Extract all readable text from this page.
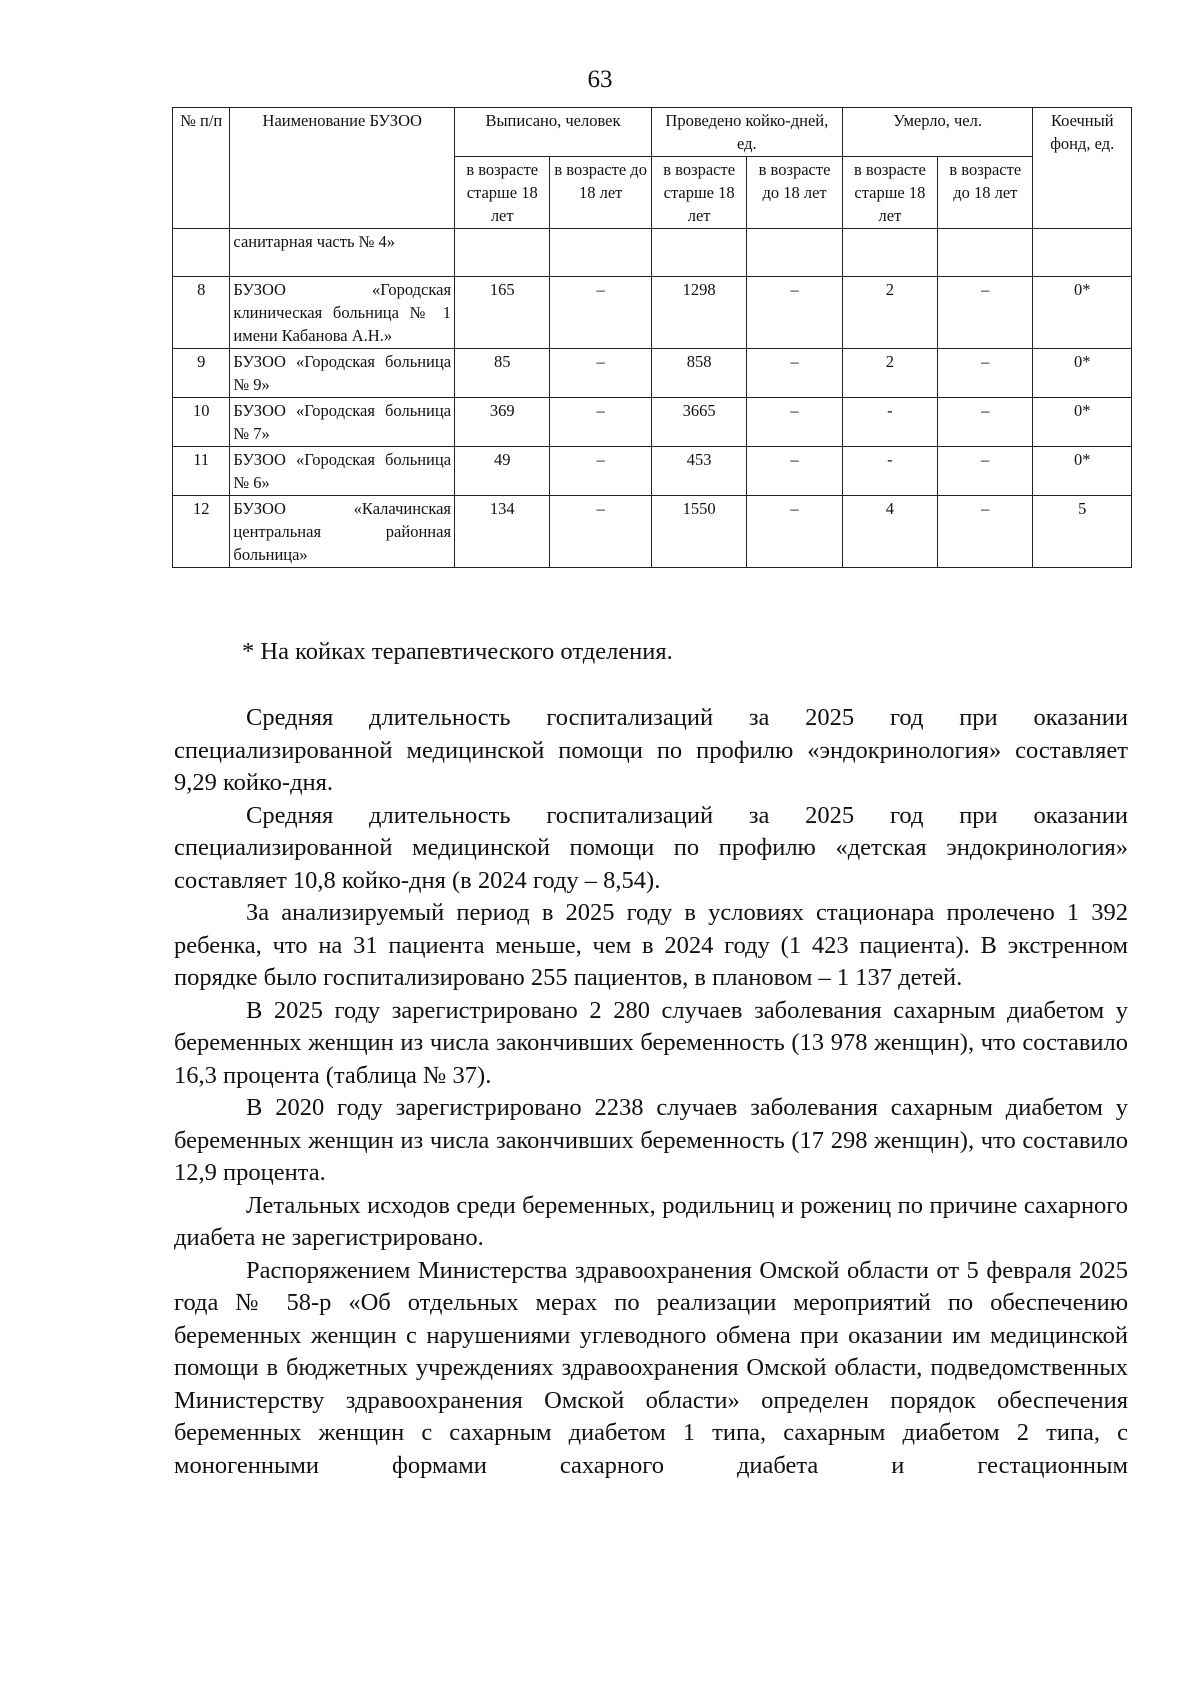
63
№ п/п	Наименование БУЗОО	Выписано, человек		Проведено койко-дней, ед.		Умерло, чел.		Коечный фонд, ед.
		в возрасте старше 18 лет	в возрасте до 18 лет	в возрасте старше 18 лет	в возрасте до 18 лет	в возрасте старше 18 лет	в возрасте до 18 лет	
	санитарная часть № 4»							
8	БУЗОО «Городская клиническая больница № 1 имени Кабанова А.Н.»	165	–	1298	–	2	–	0*
9	БУЗОО «Городская больница № 9»	85	–	858	–	2	–	0*
10	БУЗОО «Городская больница № 7»	369	–	3665	–	-	–	0*
11	БУЗОО «Городская больница № 6»	49	–	453	–	-	–	0*
12	БУЗОО «Калачинская центральная районная больница»	134	–	1550	–	4	–	5
* На койках терапевтического отделения.

Средняя длительность госпитализаций за 2025 год при оказании специализированной медицинской помощи по профилю «эндокринология» составляет 9,29 койко-дня.

Средняя длительность госпитализаций за 2025 год при оказании специализированной медицинской помощи по профилю «детская эндокринология» составляет 10,8 койко-дня (в 2024 году – 8,54).

За анализируемый период в 2025 году в условиях стационара пролечено 1 392 ребенка, что на 31 пациента меньше, чем в 2024 году (1 423 пациента). В экстренном порядке было госпитализировано 255 пациентов, в плановом – 1 137 детей.

В 2025 году зарегистрировано 2 280 случаев заболевания сахарным диабетом у беременных женщин из числа закончивших беременность (13 978 женщин), что составило 16,3 процента (таблица № 37).

В 2020 году зарегистрировано 2238 случаев заболевания сахарным диабетом у беременных женщин из числа закончивших беременность (17 298 женщин), что составило 12,9 процента.

Летальных исходов среди беременных, родильниц и рожениц по причине сахарного диабета не зарегистрировано.

Распоряжением Министерства здравоохранения Омской области от 5 февраля 2025 года № 58-р «Об отдельных мерах по реализации мероприятий по обеспечению беременных женщин с нарушениями углеводного обмена при оказании им медицинской помощи в бюджетных учреждениях здравоохранения Омской области, подведомственных Министерству здравоохранения Омской области» определен порядок обеспечения беременных женщин с сахарным диабетом 1 типа, сахарным диабетом 2 типа, с моногенными формами сахарного диабета и гестационным
